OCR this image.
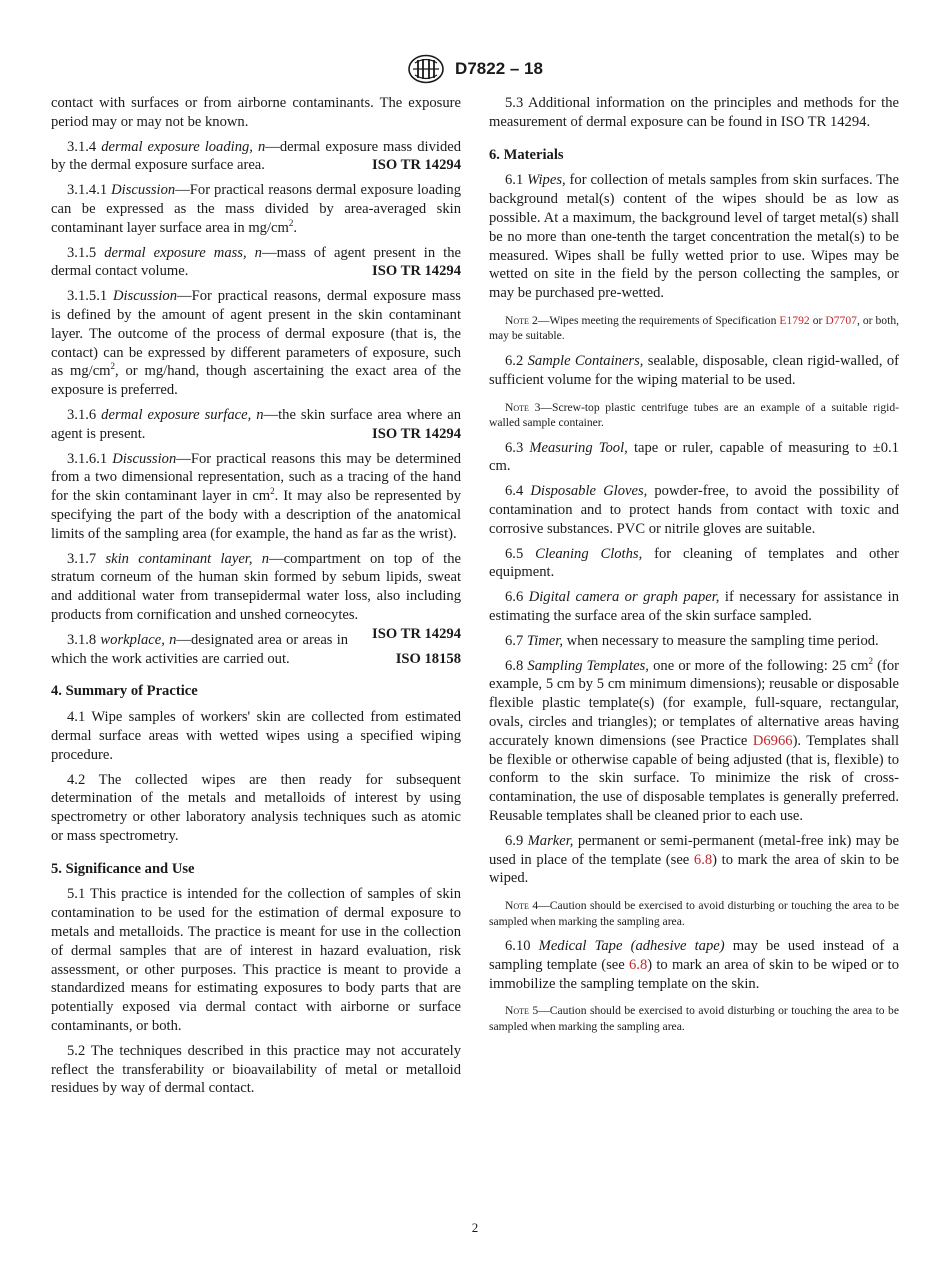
D7822 – 18

contact with surfaces or from airborne contaminants. The exposure period may or may not be known.

3.1.4 dermal exposure loading, n—dermal exposure mass divided by the dermal exposure surface area.	ISO TR 14294

3.1.4.1 Discussion—For practical reasons dermal exposure loading can be expressed as the mass divided by area-averaged skin contaminant layer surface area in $mg/cm^2$.

3.1.5 dermal exposure mass, n—mass of agent present in the dermal contact volume.	ISO TR 14294

3.1.5.1 Discussion—For practical reasons, dermal exposure mass is defined by the amount of agent present in the skin contaminant layer. The outcome of the process of dermal exposure (that is, the contact) can be expressed by different parameters of exposure, such as $mg/cm^2$, or mg/hand, though ascertaining the exact area of the exposure is preferred.

3.1.6 dermal exposure surface, n—the skin surface area where an agent is present.	ISO TR 14294

3.1.6.1 Discussion—For practical reasons this may be determined from a two dimensional representation, such as a tracing of the hand for the skin contaminant layer in $cm^2$. It may also be represented by specifying the part of the body with a description of the anatomical limits of the sampling area (for example, the hand as far as the wrist).

3.1.7 skin contaminant layer, n—compartment on top of the stratum corneum of the human skin formed by sebum lipids, sweat and additional water from transepidermal water loss, also including products from cornification and unshed corneocytes.
ISO TR 14294

3.1.8 workplace, n—designated area or areas in which the work activities are carried out.	ISO 18158

4. Summary of Practice

4.1 Wipe samples of workers' skin are collected from estimated dermal surface areas with wetted wipes using a specified wiping procedure.

4.2 The collected wipes are then ready for subsequent determination of the metals and metalloids of interest by using spectrometry or other laboratory analysis techniques such as atomic or mass spectrometry.

5. Significance and Use

5.1 This practice is intended for the collection of samples of skin contamination to be used for the estimation of dermal exposure to metals and metalloids. The practice is meant for use in the collection of dermal samples that are of interest in hazard evaluation, risk assessment, or other purposes. This practice is meant to provide a standardized means for estimating exposures to body parts that are potentially exposed via dermal contact with airborne or surface contaminants, or both.

5.2 The techniques described in this practice may not accurately reflect the transferability or bioavailability of metal or metalloid residues by way of dermal contact.

5.3 Additional information on the principles and methods for the measurement of dermal exposure can be found in ISO TR 14294.

6. Materials

6.1 Wipes, for collection of metals samples from skin surfaces. The background metal(s) content of the wipes should be as low as possible. At a maximum, the background level of target metal(s) shall be no more than one-tenth the target concentration the metal(s) to be measured. Wipes shall be fully wetted prior to use. Wipes may be wetted on site in the field by the person collecting the samples, or may be purchased pre-wetted.

Note 2—Wipes meeting the requirements of Specification E1792 or D7707, or both, may be suitable.

6.2 Sample Containers, sealable, disposable, clean rigid-walled, of sufficient volume for the wiping material to be used.

Note 3—Screw-top plastic centrifuge tubes are an example of a suitable rigid-walled sample container.

6.3 Measuring Tool, tape or ruler, capable of measuring to ±0.1 cm.

6.4 Disposable Gloves, powder-free, to avoid the possibility of contamination and to protect hands from contact with toxic and corrosive substances. PVC or nitrile gloves are suitable.

6.5 Cleaning Cloths, for cleaning of templates and other equipment.

6.6 Digital camera or graph paper, if necessary for assistance in estimating the surface area of the skin surface sampled.

6.7 Timer, when necessary to measure the sampling time period.

6.8 Sampling Templates, one or more of the following: 25 $cm^2$ (for example, 5 cm by 5 cm minimum dimensions); reusable or disposable flexible plastic template(s) (for example, full-square, rectangular, ovals, circles and triangles); or templates of alternative areas having accurately known dimensions (see Practice D6966). Templates shall be flexible or otherwise capable of being adjusted (that is, flexible) to conform to the skin surface. To minimize the risk of cross-contamination, the use of disposable templates is generally preferred. Reusable templates shall be cleaned prior to each use.

6.9 Marker, permanent or semi-permanent (metal-free ink) may be used in place of the template (see 6.8) to mark the area of skin to be wiped.

Note 4—Caution should be exercised to avoid disturbing or touching the area to be sampled when marking the sampling area.

6.10 Medical Tape (adhesive tape) may be used instead of a sampling template (see 6.8) to mark an area of skin to be wiped or to immobilize the sampling template on the skin.

Note 5—Caution should be exercised to avoid disturbing or touching the area to be sampled when marking the sampling area.

2
